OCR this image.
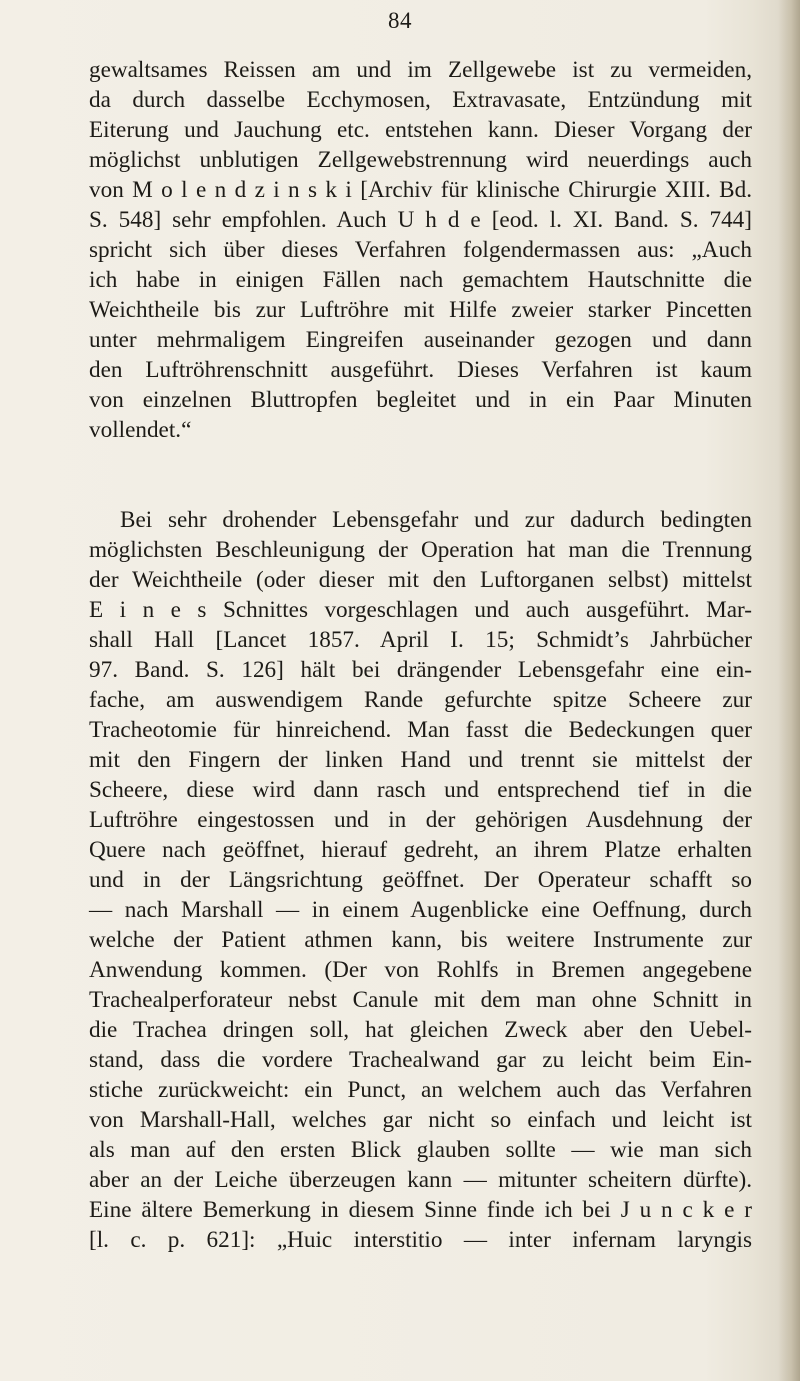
84
gewaltsames Reissen am und im Zellgewebe ist zu vermeiden,
da durch dasselbe Ecchymosen, Extravasate, Entzündung mit
Eiterung und Jauchung etc. entstehen kann. Dieser Vorgang der
möglichst unblutigen Zellgewebstrennung wird neuerdings auch
von M o l e n d z i n s k i [Archiv für klinische Chirurgie XIII. Bd.
S. 548] sehr empfohlen. Auch U h d e [eod. l. XI. Band. S. 744]
spricht sich über dieses Verfahren folgendermassen aus: „Auch
ich habe in einigen Fällen nach gemachtem Hautschnitte die
Weichtheile bis zur Luftröhre mit Hilfe zweier starker Pincetten
unter mehrmaligem Eingreifen auseinander gezogen und dann
den Luftröhrenschnitt ausgeführt. Dieses Verfahren ist kaum
von einzelnen Bluttropfen begleitet und in ein Paar Minuten
vollendet.“
Bei sehr drohender Lebensgefahr und zur dadurch bedingten
möglichsten Beschleunigung der Operation hat man die Trennung
der Weichtheile (oder dieser mit den Luftorganen selbst) mittelst
E i n e s Schnittes vorgeschlagen und auch ausgeführt. Mar-
shall Hall [Lancet 1857. April I. 15; Schmidt’s Jahrbücher
97. Band. S. 126] hält bei drängender Lebensgefahr eine ein-
fache, am auswendigem Rande gefurchte spitze Scheere zur
Tracheotomie für hinreichend. Man fasst die Bedeckungen quer
mit den Fingern der linken Hand und trennt sie mittelst der
Scheere, diese wird dann rasch und entsprechend tief in die
Luftröhre eingestossen und in der gehörigen Ausdehnung der
Quere nach geöffnet, hierauf gedreht, an ihrem Platze erhalten
und in der Längsrichtung geöffnet. Der Operateur schafft so
— nach Marshall — in einem Augenblicke eine Oeffnung, durch
welche der Patient athmen kann, bis weitere Instrumente zur
Anwendung kommen. (Der von Rohlfs in Bremen angegebene
Trachealperforateur nebst Canule mit dem man ohne Schnitt in
die Trachea dringen soll, hat gleichen Zweck aber den Uebel-
stand, dass die vordere Trachealwand gar zu leicht beim Ein-
stiche zurückweicht: ein Punct, an welchem auch das Verfahren
von Marshall-Hall, welches gar nicht so einfach und leicht ist
als man auf den ersten Blick glauben sollte — wie man sich
aber an der Leiche überzeugen kann — mitunter scheitern dürfte).
Eine ältere Bemerkung in diesem Sinne finde ich bei J u n c k e r
[l. c. p. 621]: „Huic interstitio — inter infernam laryngis
